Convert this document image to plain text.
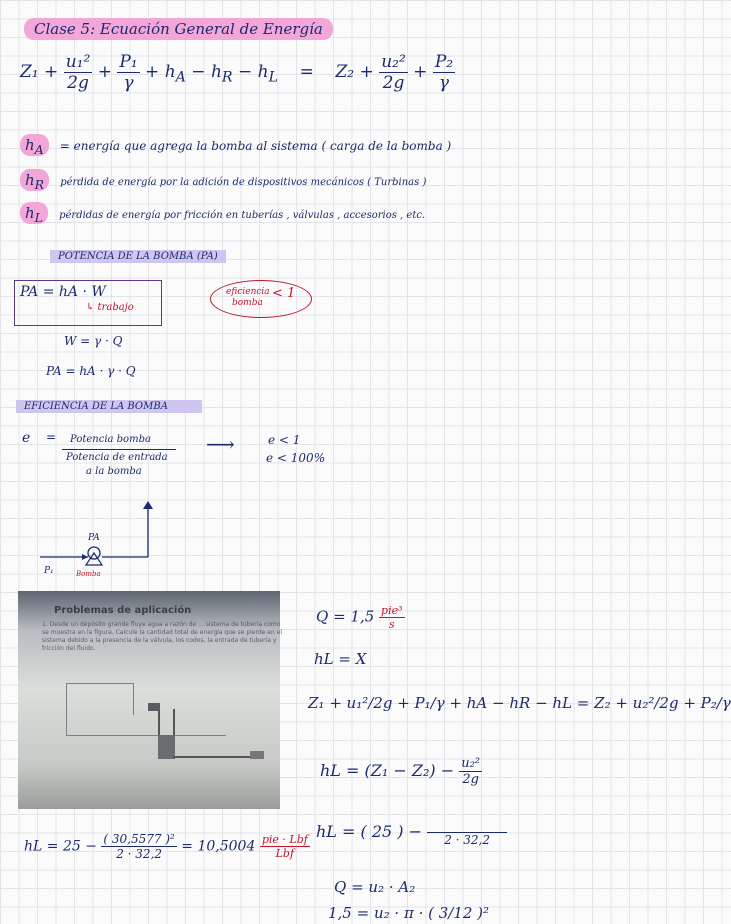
Clase 5: Ecuación General de Energía
$Z_1 + \frac{\text{u₁²}}{2g} + \frac{\text{P₁}}{\gamma} + h_A - h_R - h_L = Z_2 + \frac{\text{u₂²}}{2g} + \frac{\text{P₂}}{\gamma}$
$h_A$ = energía que agrega la bomba al sistema ( carga de la bomba )
$h_R$ pérdida de energía por la adición de dispositivos mecánicos ( Turbinas )
$h_L$ pérdidas de energía por fricción en tuberías , válvulas , accesorios , etc.
POTENCIA DE LA BOMBA (PA)
PA = hA · W
↳ trabajo
eficiencia
bomba
< 1
W = γ · Q
PA = hA · γ · Q
EFICIENCIA DE LA BOMBA
e = Potencia bomba
Potencia de entrada
a la bomba
⟶	e < 1
e < 100%
PA
P₁	Bomba
Problemas de aplicación
1. Desde un depósito grande fluye agua a razón de ... sistema de tubería como se muestra en la figura. Calcule la cantidad total de energía que se pierde en el sistema debido a la presencia de la válvula, los codos, la entrada de tubería y fricción del fluido.
$Q = 1,5 \frac{\text{pie³}}{s}$
hL = X
Z₁ + u₁²/2g + P₁/γ + hA − hR − hL = Z₂ + u₂²/2g + P₂/γ
hL = $(Z_1 - Z_2) - \frac{\text{u₂²}}{2g}$
hL = ( 25 ) −
	2 · 32,2
hL = $25 - \frac{\text{( 30,5577 )²}}{2 \cdot 32,2} = 10,5004 \frac{\text{pie · Lbf}}{\text{Lbf}}$
Q = u₂ · A₂
1,5 = u₂ · π · ( 3/12 )²
